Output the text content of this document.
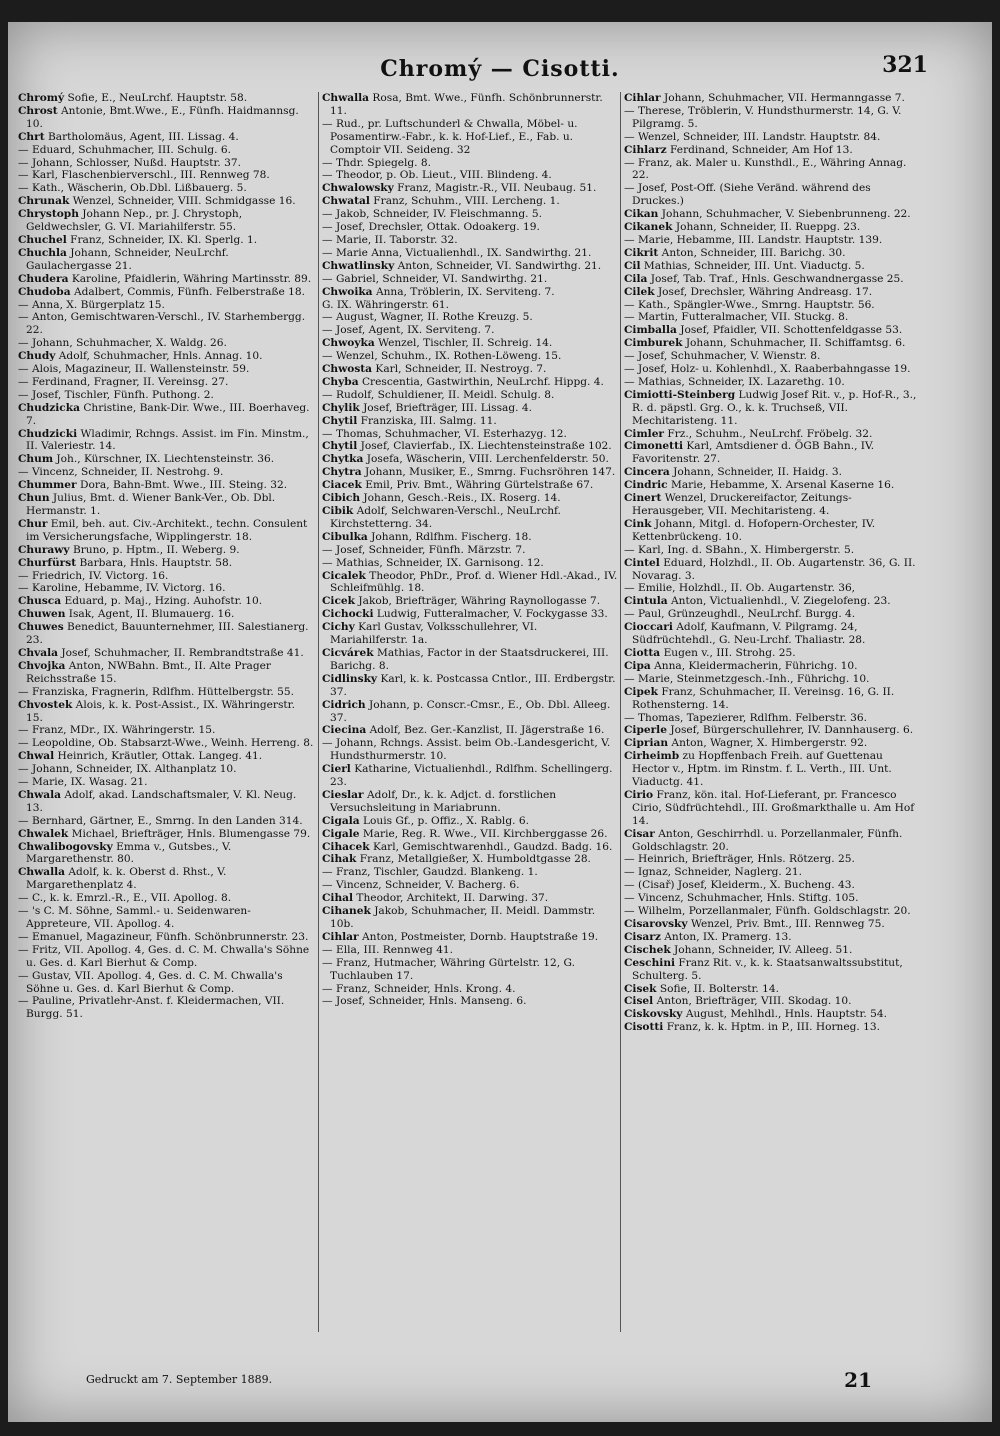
Chromý — Cisotti.	321

Chromý Sofie, E., NeuLrchf. Hauptstr. 58.

Chrost Antonie, Bmt.Wwe., E., Fünfh. Haidmannsg. 10.

Chrt Bartholomäus, Agent, III. Lissag. 4.

— Eduard, Schuhmacher, III. Schulg. 6.

— Johann, Schlosser, Nußd. Hauptstr. 37.

— Karl, Flaschenbierverschl., III. Rennweg 78.

— Kath., Wäscherin, Ob.Dbl. Lißbauerg. 5.

Chrunak Wenzel, Schneider, VIII. Schmidgasse 16.

Chrystoph Johann Nep., pr. J. Chrystoph, Geldwechsler, G. VI. Mariahilferstr. 55.

Chuchel Franz, Schneider, IX. Kl. Sperlg. 1.

Chuchla Johann, Schneider, NeuLrchf. Gaulachergasse 21.

Chudera Karoline, Pfaidlerin, Währing Martinsstr. 89.

Chudoba Adalbert, Commis, Fünfh. Felberstraße 18.

— Anna, X. Bürgerplatz 15.

— Anton, Gemischtwaren-Verschl., IV. Starhembergg. 22.

— Johann, Schuhmacher, X. Waldg. 26.

Chudy Adolf, Schuhmacher, Hnls. Annag. 10.

— Alois, Magazineur, II. Wallensteinstr. 59.

— Ferdinand, Fragner, II. Vereinsg. 27.

— Josef, Tischler, Fünfh. Puthong. 2.

Chudzicka Christine, Bank-Dir. Wwe., III. Boerhaveg. 7.

Chudzicki Wladimir, Rchngs. Assist. im Fin. Minstm., II. Valeriestr. 14.

Chum Joh., Kürschner, IX. Liechtensteinstr. 36.

— Vincenz, Schneider, II. Nestrohg. 9.

Chummer Dora, Bahn-Bmt. Wwe., III. Steing. 32.

Chun Julius, Bmt. d. Wiener Bank-Ver., Ob. Dbl. Hermanstr. 1.

Chur Emil, beh. aut. Civ.-Architekt., techn. Consulent im Versicherungsfache, Wipplingerstr. 18.

Churawy Bruno, p. Hptm., II. Weberg. 9.

Churfürst Barbara, Hnls. Hauptstr. 58.

— Friedrich, IV. Victorg. 16.

— Karoline, Hebamme, IV. Victorg. 16.

Chusca Eduard, p. Maj., Hzing. Auhofstr. 10.

Chuwen Isak, Agent, II. Blumauerg. 16.

Chuwes Benedict, Bauunternehmer, III. Salestianerg. 23.

Chvala Josef, Schuhmacher, II. Rembrandtstraße 41.

Chvojka Anton, NWBahn. Bmt., II. Alte Prager Reichsstraße 15.

— Franziska, Fragnerin, Rdlfhm. Hüttelbergstr. 55.

Chvostek Alois, k. k. Post-Assist., IX. Währingerstr. 15.

— Franz, MDr., IX. Währingerstr. 15.

— Leopoldine, Ob. Stabsarzt-Wwe., Weinh. Herreng. 8.

Chwal Heinrich, Kräutler, Ottak. Langeg. 41.

— Johann, Schneider, IX. Althanplatz 10.

— Marie, IX. Wasag. 21.

Chwala Adolf, akad. Landschaftsmaler, V. Kl. Neug. 13.

— Bernhard, Gärtner, E., Smrng. In den Landen 314.

Chwalek Michael, Briefträger, Hnls. Blumengasse 79.

Chwalibogovsky Emma v., Gutsbes., V. Margarethenstr. 80.

Chwalla Adolf, k. k. Oberst d. Rhst., V. Margarethenplatz 4.

— C., k. k. Emrzl.-R., E., VII. Apollog. 8.

— 's C. M. Söhne, Samml.- u. Seidenwaren-Appreteure, VII. Apollog. 4.

— Emanuel, Magazineur, Fünfh. Schönbrunnerstr. 23.

— Fritz, VII. Apollog. 4, Ges. d. C. M. Chwalla's Söhne u. Ges. d. Karl Bierhut & Comp.

— Gustav, VII. Apollog. 4, Ges. d. C. M. Chwalla's Söhne u. Ges. d. Karl Bierhut & Comp.

— Pauline, Privatlehr-Anst. f. Kleidermachen, VII. Burgg. 51.

Chwalla Rosa, Bmt. Wwe., Fünfh. Schönbrunnerstr. 11.

— Rud., pr. Luftschunderl & Chwalla, Möbel- u. Posamentirw.-Fabr., k. k. Hof-Lief., E., Fab. u. Comptoir VII. Seideng. 32

— Thdr. Spiegelg. 8.

— Theodor, p. Ob. Lieut., VIII. Blindeng. 4.

Chwalowsky Franz, Magistr.-R., VII. Neubaug. 51.

Chwatal Franz, Schuhm., VIII. Lercheng. 1.

— Jakob, Schneider, IV. Fleischmanng. 5.

— Josef, Drechsler, Ottak. Odoakerg. 19.

— Marie, II. Taborstr. 32.

— Marie Anna, Victualienhdl., IX. Sandwirthg. 21.

Chwatlinsky Anton, Schneider, VI. Sandwirthg. 21.

— Gabriel, Schneider, VI. Sandwirthg. 21.

Chwoika Anna, Tröblerin, IX. Serviteng. 7.

G. IX. Währingerstr. 61.

— August, Wagner, II. Rothe Kreuzg. 5.

— Josef, Agent, IX. Serviteng. 7.

Chwoyka Wenzel, Tischler, II. Schreig. 14.

— Wenzel, Schuhm., IX. Rothen-Löweng. 15.

Chwosta Karl, Schneider, II. Nestroyg. 7.

Chyba Crescentia, Gastwirthin, NeuLrchf. Hippg. 4.

— Rudolf, Schuldiener, II. Meidl. Schulg. 8.

Chylik Josef, Briefträger, III. Lissag. 4.

Chytil Franziska, III. Salmg. 11.

— Thomas, Schuhmacher, VI. Esterhazyg. 12.

Chytil Josef, Clavierfab., IX. Liechtensteinstraße 102.

Chytka Josefa, Wäscherin, VIII. Lerchenfelderstr. 50.

Chytra Johann, Musiker, E., Smrng. Fuchsröhren 147.

Ciacek Emil, Priv. Bmt., Währing Gürtelstraße 67.

Cibich Johann, Gesch.-Reis., IX. Roserg. 14.

Cibik Adolf, Selchwaren-Verschl., NeuLrchf. Kirchstetterng. 34.

Cibulka Johann, Rdlfhm. Fischerg. 18.

— Josef, Schneider, Fünfh. Märzstr. 7.

— Mathias, Schneider, IX. Garnisong. 12.

Cicalek Theodor, PhDr., Prof. d. Wiener Hdl.-Akad., IV. Schleifmühlg. 18.

Cicek Jakob, Briefträger, Währing Raynollogasse 7.

Cichocki Ludwig, Futteralmacher, V. Fockygasse 33.

Cichy Karl Gustav, Volksschullehrer, VI. Mariahilferstr. 1a.

Cicvárek Mathias, Factor in der Staatsdruckerei, III. Barichg. 8.

Cidlinsky Karl, k. k. Postcassa Cntlor., III. Erdbergstr. 37.

Cidrich Johann, p. Conscr.-Cmsr., E., Ob. Dbl. Alleeg. 37.

Ciecina Adolf, Bez. Ger.-Kanzlist, II. Jägerstraße 16.

— Johann, Rchngs. Assist. beim Ob.-Landesgericht, V. Hundsthurmerstr. 10.

Cierl Katharine, Victualienhdl., Rdlfhm. Schellingerg. 23.

Cieslar Adolf, Dr., k. k. Adjct. d. forstlichen Versuchsleitung in Mariabrunn.

Cigala Louis Gf., p. Offiz., X. Rablg. 6.

Cigale Marie, Reg. R. Wwe., VII. Kirchberggasse 26.

Cihacek Karl, Gemischtwarenhdl., Gaudzd. Badg. 16.

Cihak Franz, Metallgießer, X. Humboldtgasse 28.

— Franz, Tischler, Gaudzd. Blankeng. 1.

— Vincenz, Schneider, V. Bacherg. 6.

Cihal Theodor, Architekt, II. Darwing. 37.

Cihanek Jakob, Schuhmacher, II. Meidl. Dammstr. 10b.

Cihlar Anton, Postmeister, Dornb. Hauptstraße 19.

— Ella, III. Rennweg 41.

— Franz, Hutmacher, Währing Gürtelstr. 12, G. Tuchlauben 17.

— Franz, Schneider, Hnls. Krong. 4.

— Josef, Schneider, Hnls. Manseng. 6.

Cihlar Johann, Schuhmacher, VII. Hermanngasse 7.

— Therese, Tröblerin, V. Hundsthurmerstr. 14, G. V. Pilgramg. 5.

— Wenzel, Schneider, III. Landstr. Hauptstr. 84.

Cihlarz Ferdinand, Schneider, Am Hof 13.

— Franz, ak. Maler u. Kunsthdl., E., Währing Annag. 22.

— Josef, Post-Off. (Siehe Veränd. während des Druckes.)

Cikan Johann, Schuhmacher, V. Siebenbrunneng. 22.

Cikanek Johann, Schneider, II. Rueppg. 23.

— Marie, Hebamme, III. Landstr. Hauptstr. 139.

Cikrit Anton, Schneider, III. Barichg. 30.

Cil Mathias, Schneider, III. Unt. Viaductg. 5.

Cila Josef, Tab. Traf., Hnls. Geschwandnergasse 25.

Cilek Josef, Drechsler, Währing Andreasg. 17.

— Kath., Spängler-Wwe., Smrng. Hauptstr. 56.

— Martin, Futteralmacher, VII. Stuckg. 8.

Cimballa Josef, Pfaidler, VII. Schottenfeldgasse 53.

Cimburek Johann, Schuhmacher, II. Schiffamtsg. 6.

— Josef, Schuhmacher, V. Wienstr. 8.

— Josef, Holz- u. Kohlenhdl., X. Raaberbahngasse 19.

— Mathias, Schneider, IX. Lazarethg. 10.

Cimiotti-Steinberg Ludwig Josef Rit. v., p. Hof-R., 3., R. d. päpstl. Grg. O., k. k. Truchseß, VII. Mechitaristeng. 11.

Cimler Frz., Schuhm., NeuLrchf. Fröbelg. 32.

Cimonetti Karl, Amtsdiener d. ÖGB Bahn., IV. Favoritenstr. 27.

Cincera Johann, Schneider, II. Haidg. 3.

Cindric Marie, Hebamme, X. Arsenal Kaserne 16.

Cinert Wenzel, Druckereifactor, Zeitungs-Herausgeber, VII. Mechitaristeng. 4.

Cink Johann, Mitgl. d. Hofopern-Orchester, IV. Kettenbrückeng. 10.

— Karl, Ing. d. SBahn., X. Himbergerstr. 5.

Cintel Eduard, Holzhdl., II. Ob. Augartenstr. 36, G. II. Novarag. 3.

— Emilie, Holzhdl., II. Ob. Augartenstr. 36,

Cintula Anton, Victualienhdl., V. Ziegelofeng. 23.

— Paul, Grünzeughdl., NeuLrchf. Burgg. 4.

Cioccari Adolf, Kaufmann, V. Pilgramg. 24, Südfrüchtehdl., G. Neu-Lrchf. Thaliastr. 28.

Ciotta Eugen v., III. Strohg. 25.

Cipa Anna, Kleidermacherin, Führichg. 10.

— Marie, Steinmetzgesch.-Inh., Führichg. 10.

Cipek Franz, Schuhmacher, II. Vereinsg. 16, G. II. Rothensterng. 14.

— Thomas, Tapezierer, Rdlfhm. Felberstr. 36.

Ciperle Josef, Bürgerschullehrer, IV. Dannhauserg. 6.

Ciprian Anton, Wagner, X. Himbergerstr. 92.

Cirheimb zu Hopffenbach Freih. auf Guettenau Hector v., Hptm. im Rinstm. f. L. Verth., III. Unt. Viaductg. 41.

Cirio Franz, kön. ital. Hof-Lieferant, pr. Francesco Cirio, Südfrüchtehdl., III. Großmarkthalle u. Am Hof 14.

Cisar Anton, Geschirrhdl. u. Porzellanmaler, Fünfh. Goldschlagstr. 20.

— Heinrich, Briefträger, Hnls. Rötzerg. 25.

— Ignaz, Schneider, Naglerg. 21.

— (Cisař) Josef, Kleiderm., X. Bucheng. 43.

— Vincenz, Schuhmacher, Hnls. Stiftg. 105.

— Wilhelm, Porzellanmaler, Fünfh. Goldschlagstr. 20.

Cisarovsky Wenzel, Priv. Bmt., III. Rennweg 75.

Cisarz Anton, IX. Pramerg. 13.

Cischek Johann, Schneider, IV. Alleeg. 51.

Ceschini Franz Rit. v., k. k. Staatsanwaltssubstitut, Schulterg. 5.

Cisek Sofie, II. Bolterstr. 14.

Cisel Anton, Briefträger, VIII. Skodag. 10.

Ciskovsky August, Mehlhdl., Hnls. Hauptstr. 54.

Cisotti Franz, k. k. Hptm. in P., III. Horneg. 13.

Gedruckt am 7. September 1889.	21
